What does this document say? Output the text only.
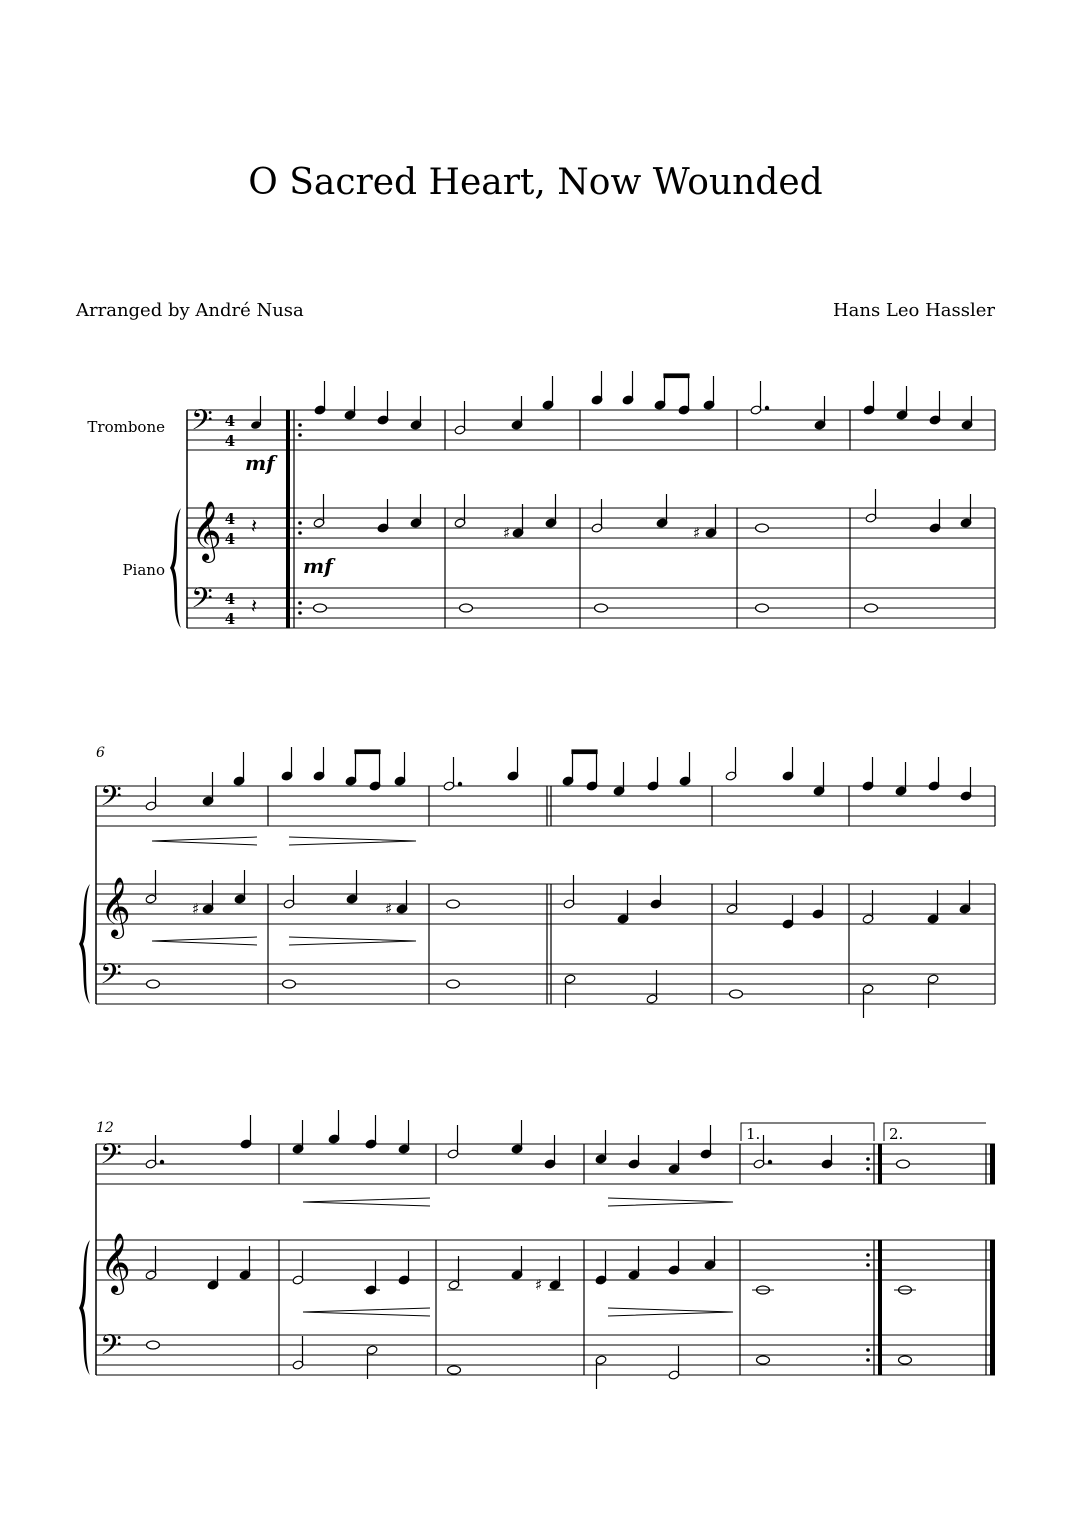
O Sacred Heart, Now Wounded
Arranged by André Nusa	Hans Leo Hassler
Trombone
Piano
𝄢
𝄞
𝄢
4
4
4
4
4
4
mf
𝄽
𝄽
♯	♯
mf
6
𝄢
𝄞
𝄢
♯	♯
12
𝄢
𝄞
𝄢
1.	2.
♯
